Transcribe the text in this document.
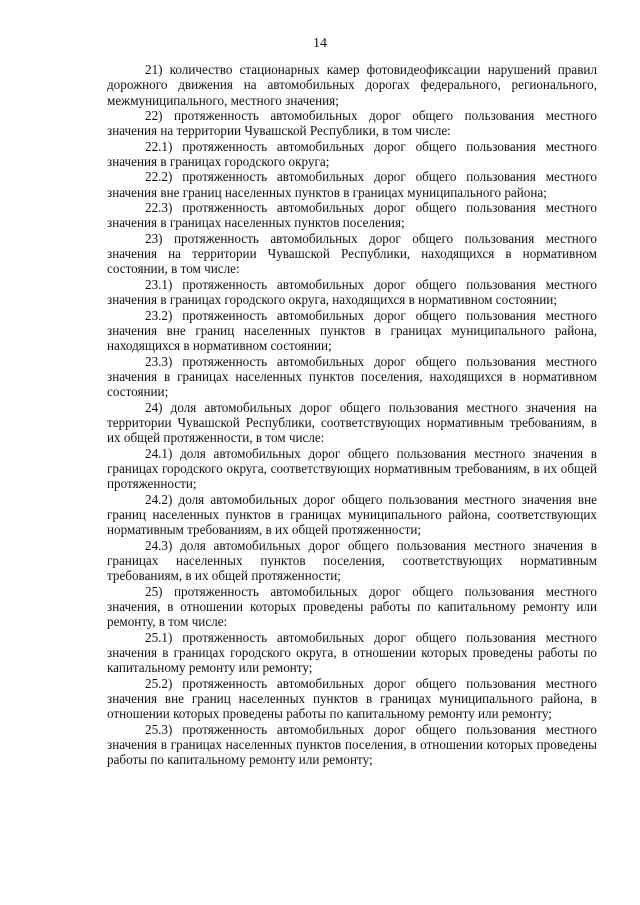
14

21) количество стационарных камер фотовидеофиксации нарушений правил дорожного движения на автомобильных дорогах федерального, регионального, межмуниципального, местного значения;

22) протяженность автомобильных дорог общего пользования местного значения на территории Чувашской Республики, в том числе:

22.1) протяженность автомобильных дорог общего пользования местного значения в границах городского округа;

22.2) протяженность автомобильных дорог общего пользования местного значения вне границ населенных пунктов в границах муниципального района;

22.3) протяженность автомобильных дорог общего пользования местного значения в границах населенных пунктов поселения;

23) протяженность автомобильных дорог общего пользования местного значения на территории Чувашской Республики, находящихся в нормативном состоянии, в том числе:

23.1) протяженность автомобильных дорог общего пользования местного значения в границах городского округа, находящихся в нормативном состоянии;

23.2) протяженность автомобильных дорог общего пользования местного значения вне границ населенных пунктов в границах муниципального района, находящихся в нормативном состоянии;

23.3) протяженность автомобильных дорог общего пользования местного значения в границах населенных пунктов поселения, находящихся в нормативном состоянии;

24) доля автомобильных дорог общего пользования местного значения на территории Чувашской Республики, соответствующих нормативным требованиям, в их общей протяженности, в том числе:

24.1) доля автомобильных дорог общего пользования местного значения в границах городского округа, соответствующих нормативным требованиям, в их общей протяженности;

24.2) доля автомобильных дорог общего пользования местного значения вне границ населенных пунктов в границах муниципального района, соответствующих нормативным требованиям, в их общей протяженности;

24.3) доля автомобильных дорог общего пользования местного значения в границах населенных пунктов поселения, соответствующих нормативным требованиям, в их общей протяженности;

25) протяженность автомобильных дорог общего пользования местного значения, в отношении которых проведены работы по капитальному ремонту или ремонту, в том числе:

25.1) протяженность автомобильных дорог общего пользования местного значения в границах городского округа, в отношении которых проведены работы по капитальному ремонту или ремонту;

25.2) протяженность автомобильных дорог общего пользования местного значения вне границ населенных пунктов в границах муниципального района, в отношении которых проведены работы по капитальному ремонту или ремонту;

25.3) протяженность автомобильных дорог общего пользования местного значения в границах населенных пунктов поселения, в отношении которых проведены работы по капитальному ремонту или ремонту;
